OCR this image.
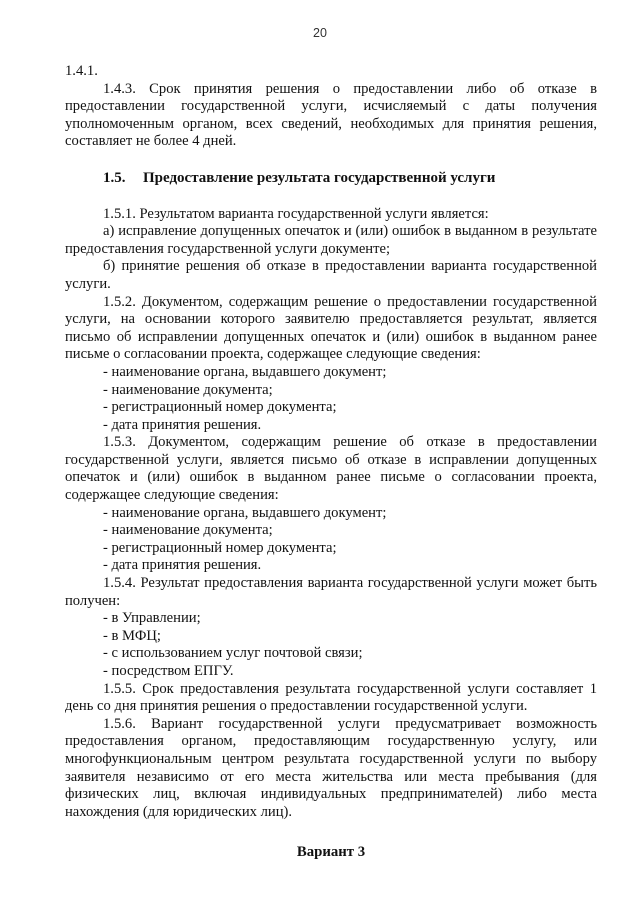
20

1.4.1.

1.4.3. Срок принятия решения о предоставлении либо об отказе в предоставлении государственной услуги, исчисляемый с даты получения уполномоченным органом, всех сведений, необходимых для принятия решения, составляет не более 4 дней.

1.5. Предоставление результата государственной услуги

1.5.1. Результатом варианта государственной услуги является:

а) исправление допущенных опечаток и (или) ошибок в выданном в результате предоставления государственной услуги документе;

б) принятие решения об отказе в предоставлении варианта государственной услуги.

1.5.2. Документом, содержащим решение о предоставлении государственной услуги, на основании которого заявителю предоставляется результат, является письмо об исправлении допущенных опечаток и (или) ошибок в выданном ранее письме о согласовании проекта, содержащее следующие сведения:

- наименование органа, выдавшего документ;

- наименование документа;

- регистрационный номер документа;

- дата принятия решения.

1.5.3. Документом, содержащим решение об отказе в предоставлении государственной услуги, является письмо об отказе в исправлении допущенных опечаток и (или) ошибок в выданном ранее письме о согласовании проекта, содержащее следующие сведения:

- наименование органа, выдавшего документ;

- наименование документа;

- регистрационный номер документа;

- дата принятия решения.

1.5.4. Результат предоставления варианта государственной услуги может быть получен:

- в Управлении;

- в МФЦ;

- с использованием услуг почтовой связи;

- посредством ЕПГУ.

1.5.5. Срок предоставления результата государственной услуги составляет 1 день со дня принятия решения о предоставлении государственной услуги.

1.5.6. Вариант государственной услуги предусматривает возможность предоставления органом, предоставляющим государственную услугу, или многофункциональным центром результата государственной услуги по выбору заявителя независимо от его места жительства или места пребывания (для физических лиц, включая индивидуальных предпринимателей) либо места нахождения (для юридических лиц).

Вариант 3
